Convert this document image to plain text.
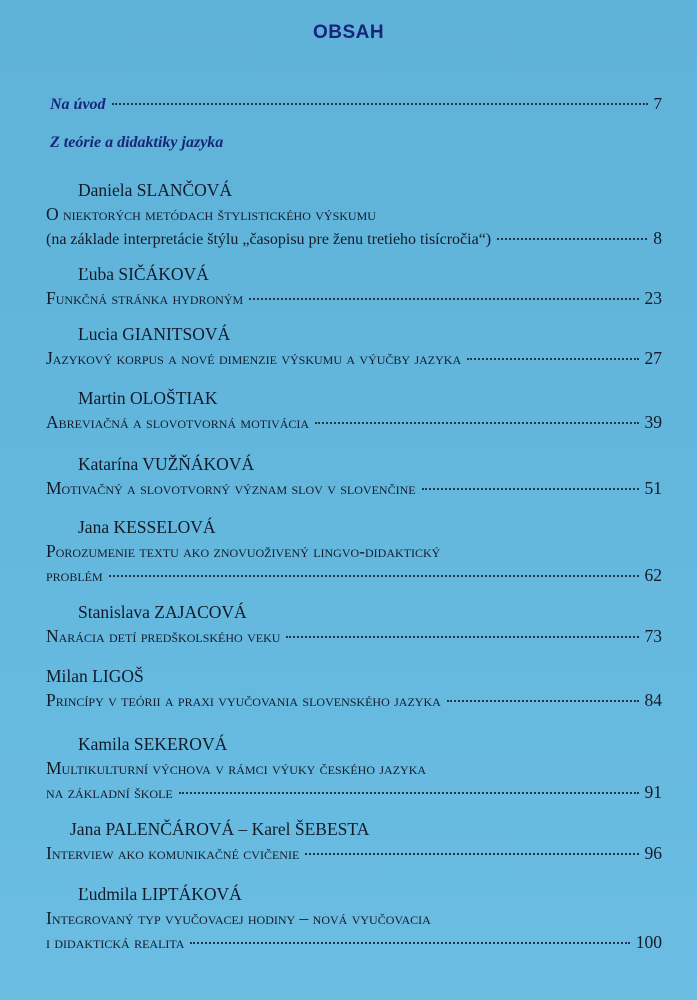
OBSAH
Na úvod	7
Z teórie a didaktiky jazyka
Daniela SLANČOVÁ
O niektorých metódach štylistického výskumu
(na základe interpretácie štýlu „časopisu pre ženu tretieho tisícročia“)	8
Ľuba SIČÁKOVÁ
Funkčná stránka hydroným	23
Lucia GIANITSOVÁ
Jazykový korpus a nové dimenzie výskumu a výučby jazyka	27
Martin OLOŠTIAK
Abreviačná a slovotvorná motivácia	39
Katarína VUŽŇÁKOVÁ
Motivačný a slovotvorný význam slov v slovenčine	51
Jana KESSELOVÁ
Porozumenie textu ako znovuoživený lingvo-didaktický
problém	62
Stanislava ZAJACOVÁ
Narácia detí predškolského veku	73
Milan LIGOŠ
Princípy v teórii a praxi vyučovania slovenského jazyka	84
Kamila SEKEROVÁ
Multikulturní výchova v rámci výuky českého jazyka
na základní škole	91
Jana PALENČÁROVÁ – Karel ŠEBESTA
Interview ako komunikačné cvičenie	96
Ľudmila LIPTÁKOVÁ
Integrovaný typ vyučovacej hodiny – nová vyučovacia
i didaktická realita	100
